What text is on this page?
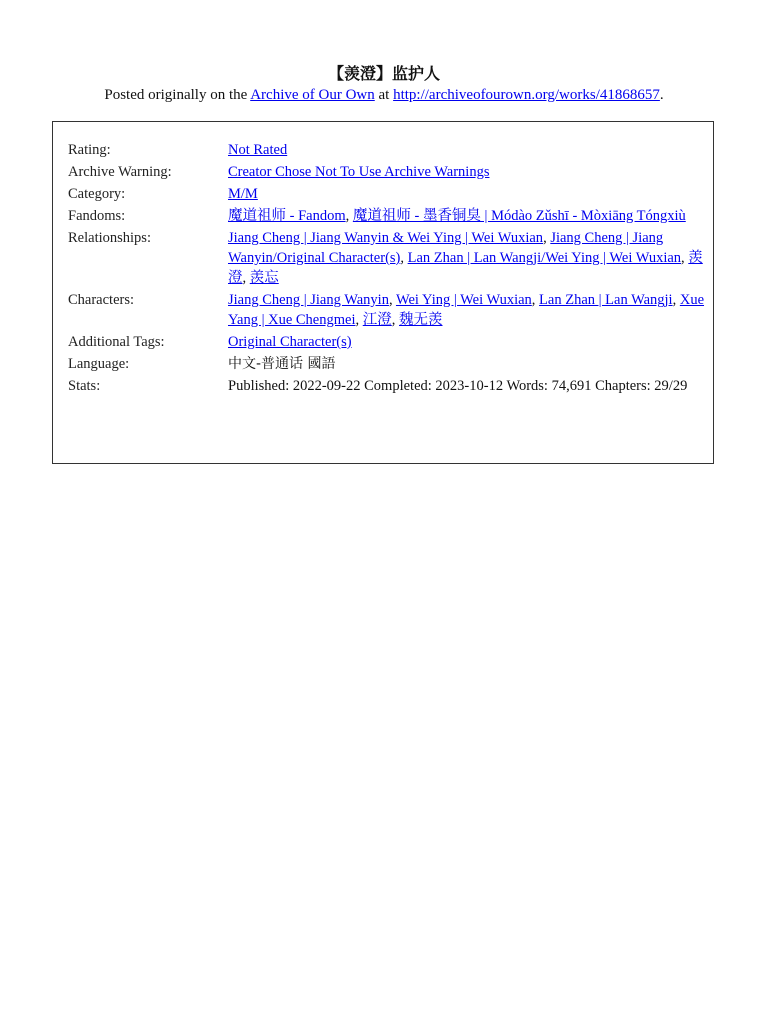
【羡澄】监护人
Posted originally on the Archive of Our Own at http://archiveofourown.org/works/41868657.
Rating:	Not Rated
Archive Warning:	Creator Chose Not To Use Archive Warnings
Category:	M/M
Fandoms:	魔道祖师 - Fandom, 魔道祖师 - 墨香铜臭 | Módào Zǔshī - Mòxiāng Tóngxiù
Relationships:	Jiang Cheng | Jiang Wanyin & Wei Ying | Wei Wuxian, Jiang Cheng | Jiang Wanyin/Original Character(s), Lan Zhan | Lan Wangji/Wei Ying | Wei Wuxian, 羡澄, 羡忘
Characters:	Jiang Cheng | Jiang Wanyin, Wei Ying | Wei Wuxian, Lan Zhan | Lan Wangji, Xue Yang | Xue Chengmei, 江澄, 魏无羡
Additional Tags:	Original Character(s)
Language:	中文-普通话 國語
Stats:	Published: 2022-09-22 Completed: 2023-10-12 Words: 74,691 Chapters: 29/29
